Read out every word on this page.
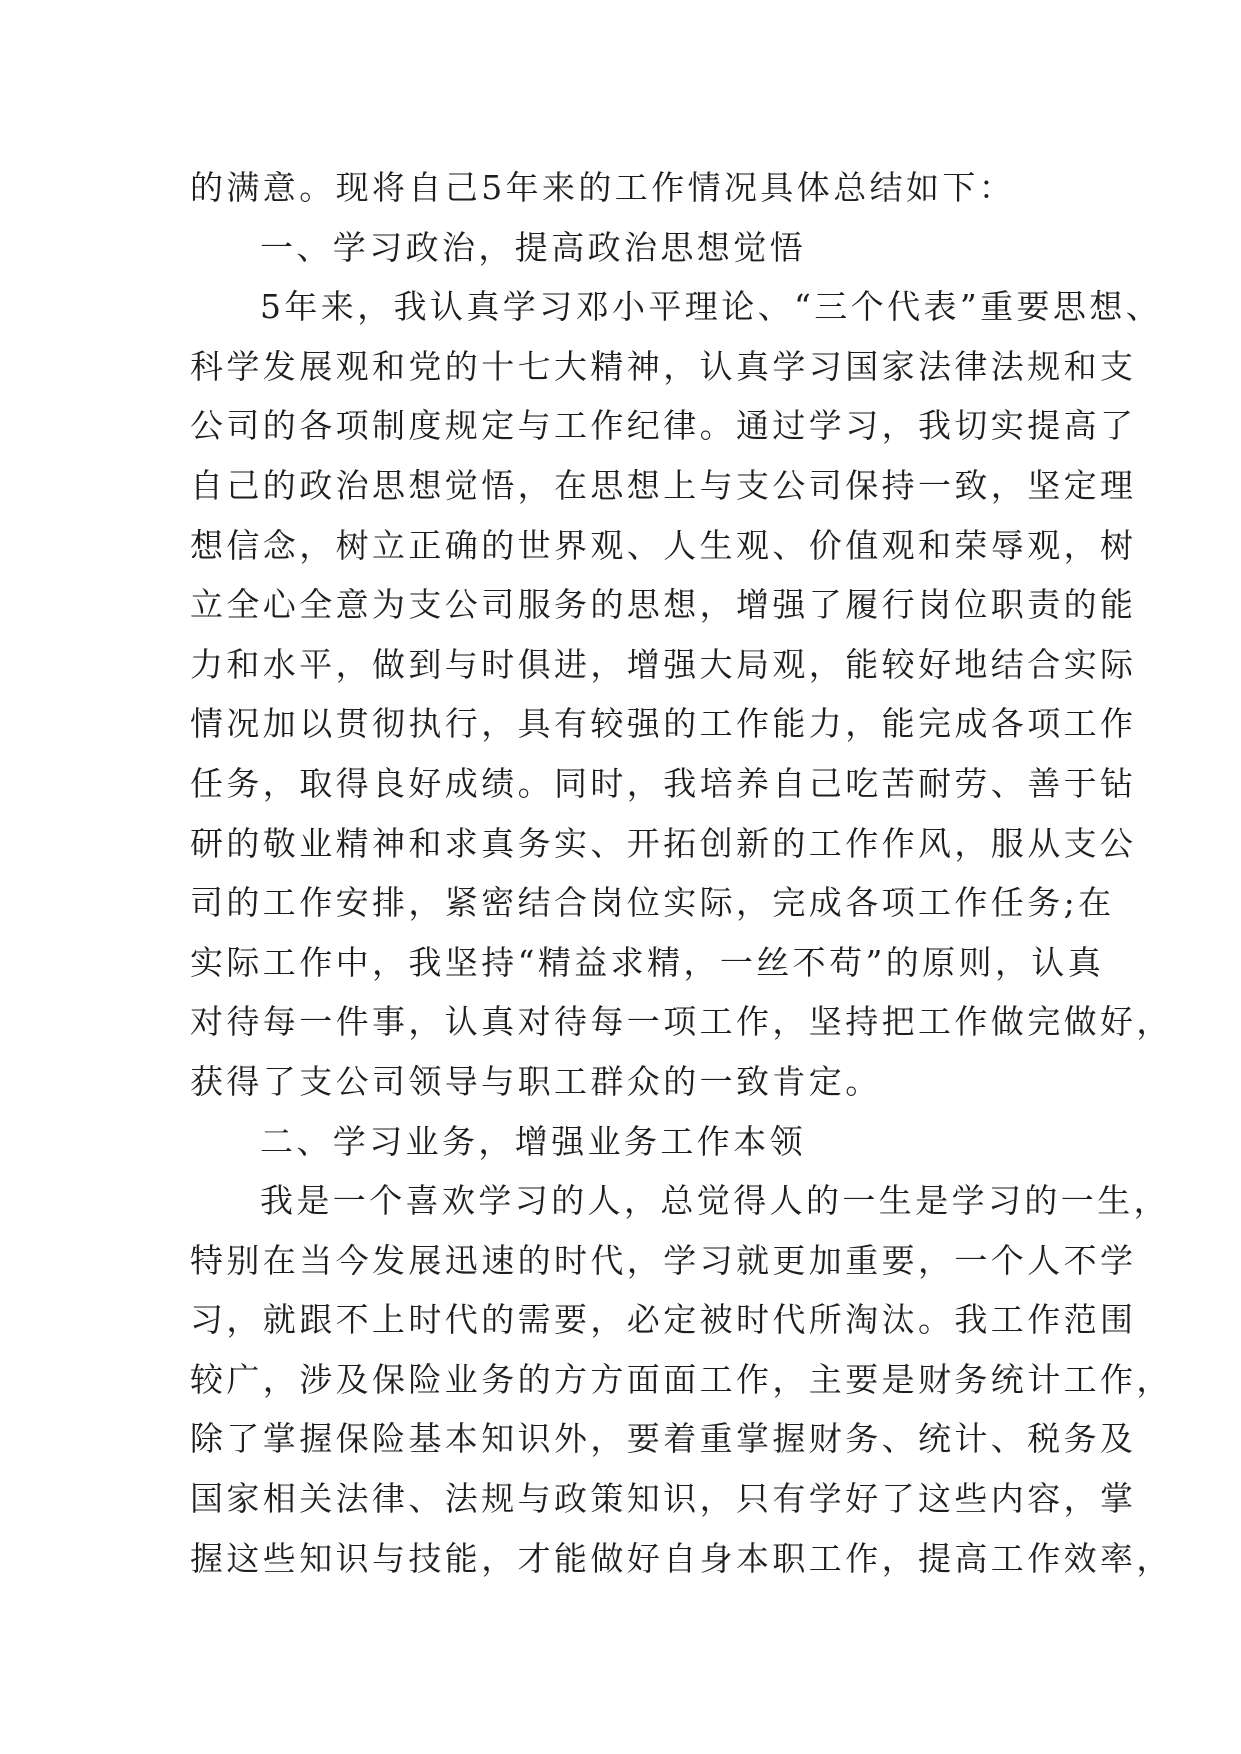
的满意。现将自己5年来的工作情况具体总结如下：
一、学习政治，提高政治思想觉悟
5年来，我认真学习邓小平理论、“三个代表”重要思想、
科学发展观和党的十七大精神，认真学习国家法律法规和支
公司的各项制度规定与工作纪律。通过学习，我切实提高了
自己的政治思想觉悟，在思想上与支公司保持一致，坚定理
想信念，树立正确的世界观、人生观、价值观和荣辱观，树
立全心全意为支公司服务的思想，增强了履行岗位职责的能
力和水平，做到与时俱进，增强大局观，能较好地结合实际
情况加以贯彻执行，具有较强的工作能力，能完成各项工作
任务，取得良好成绩。同时，我培养自己吃苦耐劳、善于钻
研的敬业精神和求真务实、开拓创新的工作作风，服从支公
司的工作安排，紧密结合岗位实际，完成各项工作任务;在
实际工作中，我坚持“精益求精，一丝不苟”的原则，认真
对待每一件事，认真对待每一项工作，坚持把工作做完做好，
获得了支公司领导与职工群众的一致肯定。
二、学习业务，增强业务工作本领
我是一个喜欢学习的人，总觉得人的一生是学习的一生，
特别在当今发展迅速的时代，学习就更加重要，一个人不学
习，就跟不上时代的需要，必定被时代所淘汰。我工作范围
较广，涉及保险业务的方方面面工作，主要是财务统计工作，
除了掌握保险基本知识外，要着重掌握财务、统计、税务及
国家相关法律、法规与政策知识，只有学好了这些内容，掌
握这些知识与技能，才能做好自身本职工作，提高工作效率，
